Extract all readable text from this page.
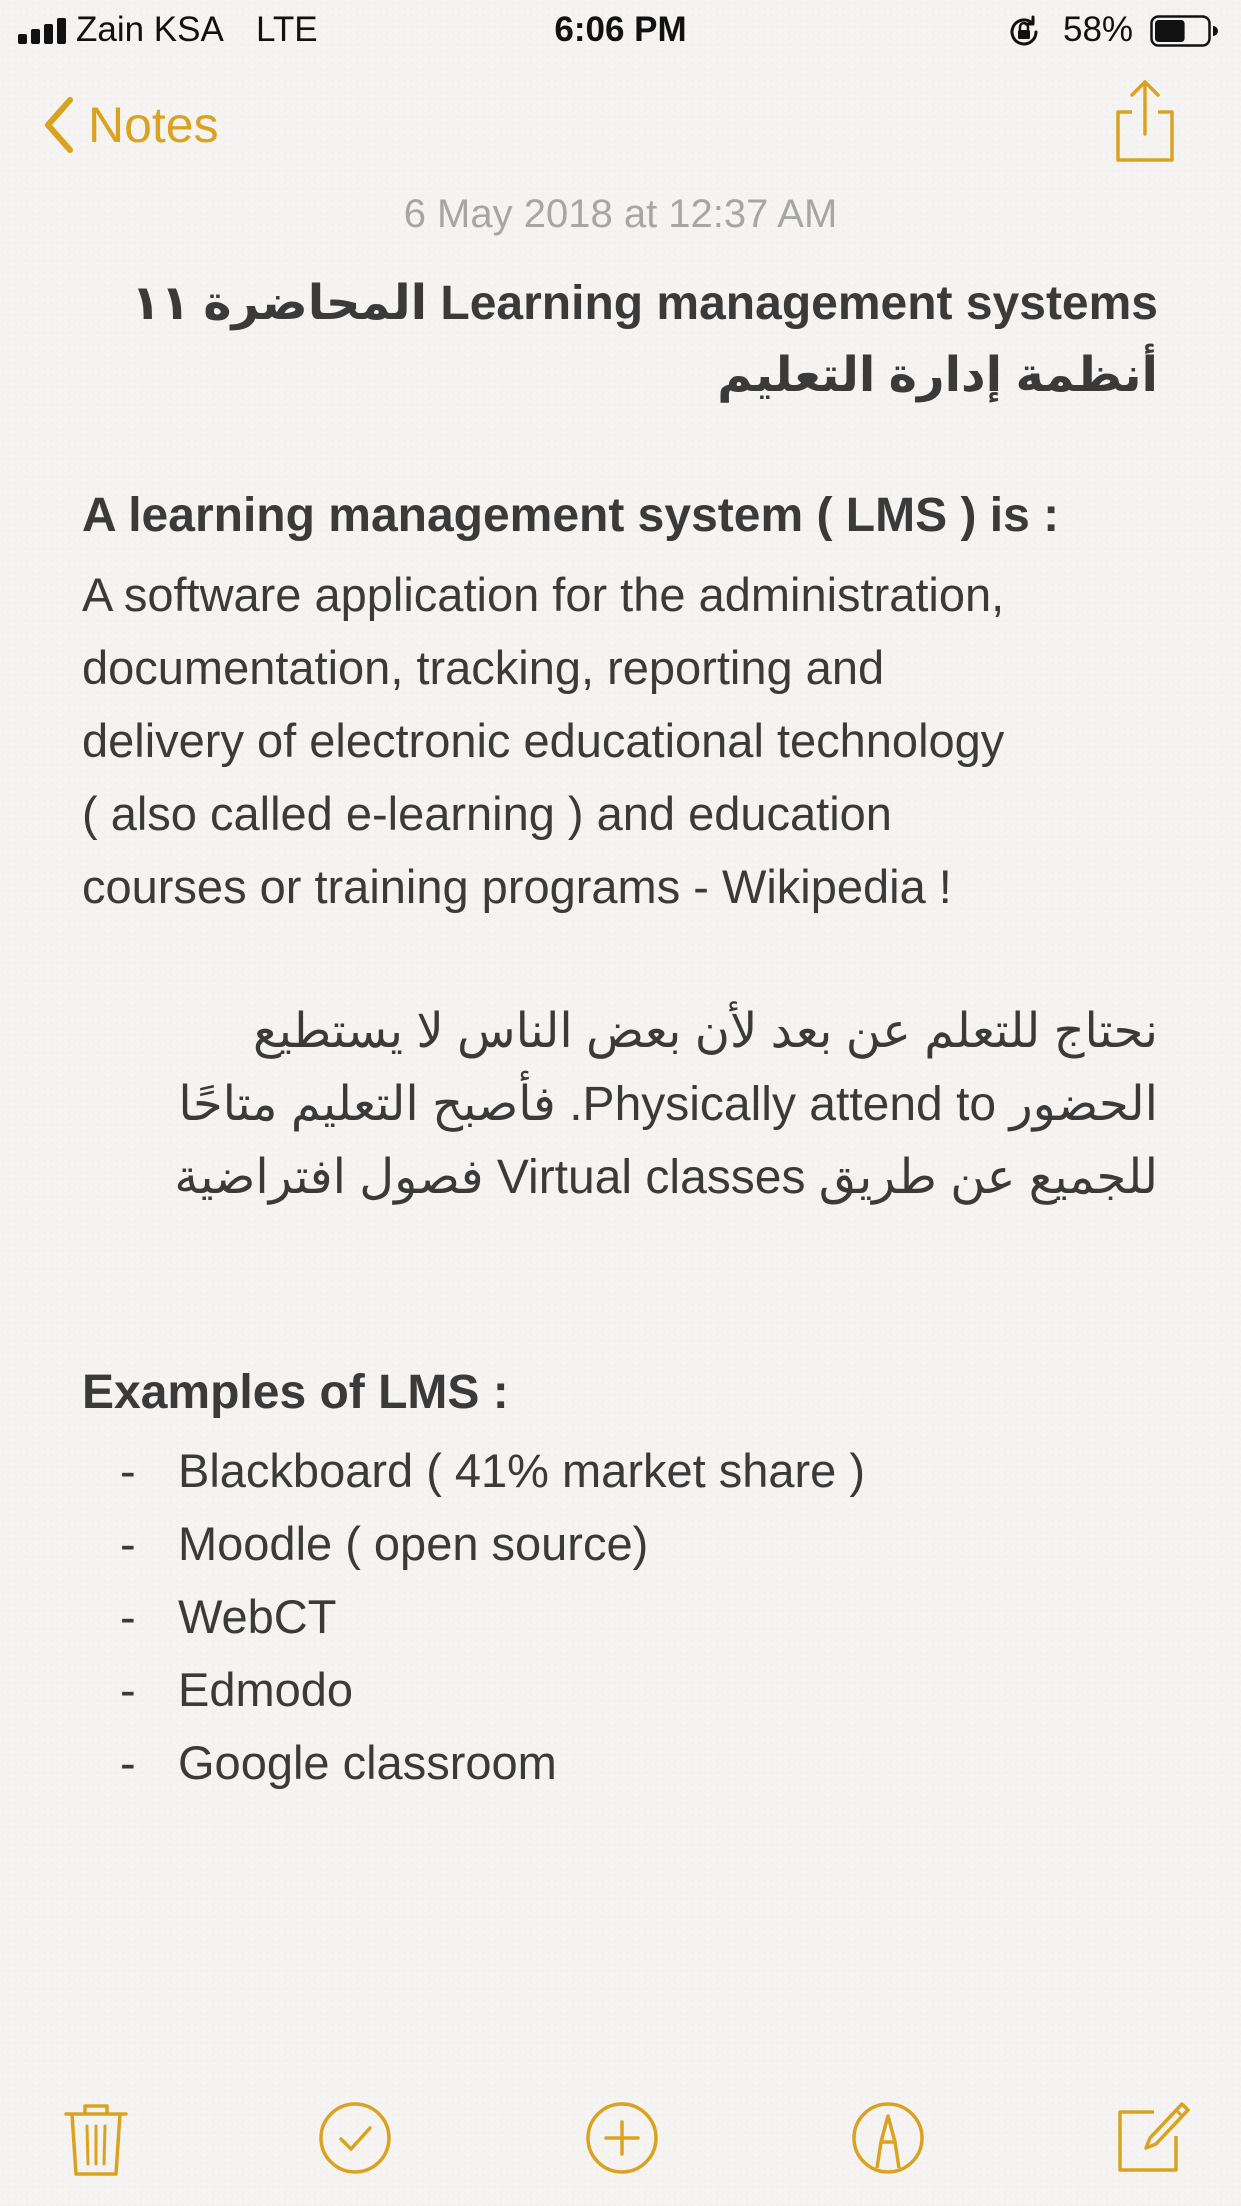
Zain KSA LTE	6:06 PM	58%
Notes
6 May 2018 at 12:37 AM
Learning management systems المحاضرة ١١
أنظمة إدارة التعليم
A learning management system ( LMS ) is :
A software application for the administration,
documentation, tracking, reporting and
delivery of electronic educational technology
( also called e-learning ) and education
courses or training programs - Wikipedia !
نحتاج للتعلم عن بعد لأن بعض الناس لا يستطيع
الحضور Physically attend to. فأصبح التعليم متاحًا
للجميع عن طريق Virtual classes فصول افتراضية
Examples of LMS :
- Blackboard ( 41% market share )
- Moodle ( open source)
- WebCT
- Edmodo
- Google classroom
